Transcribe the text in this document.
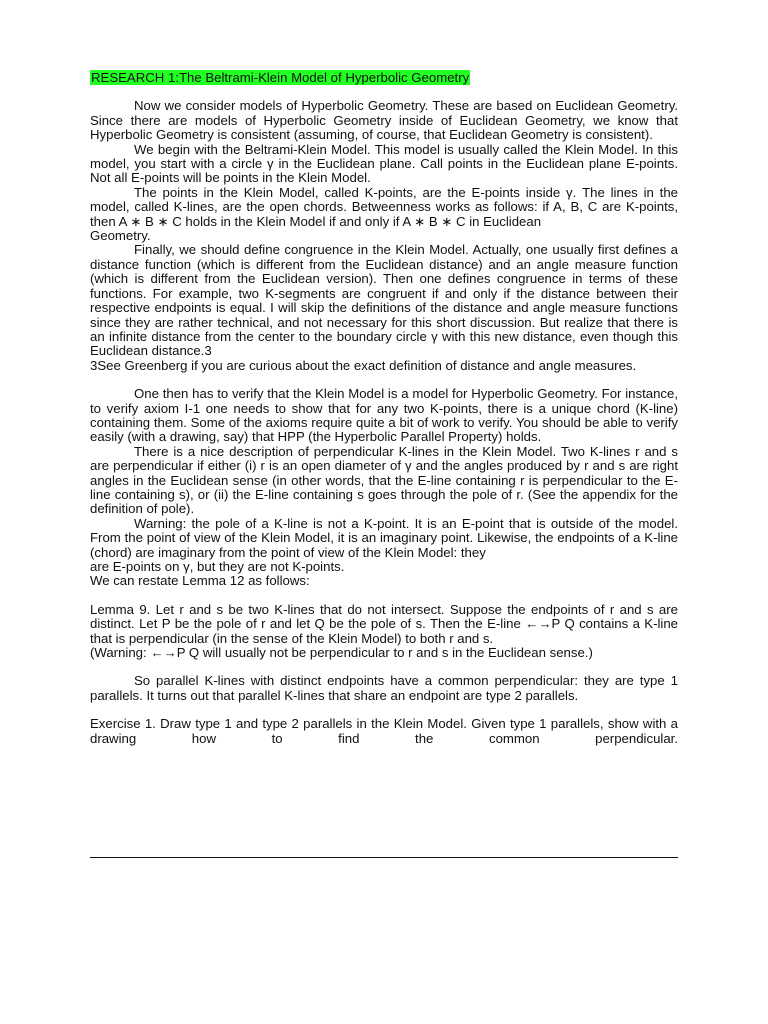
RESEARCH 1:The Beltrami-Klein Model of Hyperbolic Geometry

Now we consider models of Hyperbolic Geometry. These are based on Euclidean Geometry. Since there are models of Hyperbolic Geometry inside of Euclidean Geometry, we know that Hyperbolic Geometry is consistent (assuming, of course, that Euclidean Geometry is consistent).

We begin with the Beltrami-Klein Model. This model is usually called the Klein Model. In this model, you start with a circle γ in the Euclidean plane. Call points in the Euclidean plane E-points. Not all E-points will be points in the Klein Model.

The points in the Klein Model, called K-points, are the E-points inside γ. The lines in the model, called K-lines, are the open chords. Betweenness works as follows: if A, B, C are K-points, then A ∗ B ∗ C holds in the Klein Model if and only if A ∗ B ∗ C in Euclidean

Geometry.

Finally, we should define congruence in the Klein Model. Actually, one usually first defines a distance function (which is different from the Euclidean distance) and an angle measure function (which is different from the Euclidean version). Then one defines congruence in terms of these functions. For example, two K-segments are congruent if and only if the distance between their respective endpoints is equal. I will skip the definitions of the distance and angle measure functions since they are rather technical, and not necessary for this short discussion. But realize that there is an infinite distance from the center to the boundary circle γ with this new distance, even though this Euclidean distance.3

3See Greenberg if you are curious about the exact definition of distance and angle measures.

One then has to verify that the Klein Model is a model for Hyperbolic Geometry. For instance, to verify axiom I-1 one needs to show that for any two K-points, there is a unique chord (K-line) containing them. Some of the axioms require quite a bit of work to verify. You should be able to verify easily (with a drawing, say) that HPP (the Hyperbolic Parallel Property) holds.

There is a nice description of perpendicular K-lines in the Klein Model. Two K-lines r and s are perpendicular if either (i) r is an open diameter of γ and the angles produced by r and s are right angles in the Euclidean sense (in other words, that the E-line containing r is perpendicular to the E-line containing s), or (ii) the E-line containing s goes through the pole of r. (See the appendix for the definition of pole).

Warning: the pole of a K-line is not a K-point. It is an E-point that is outside of the model. From the point of view of the Klein Model, it is an imaginary point. Likewise, the endpoints of a K-line (chord) are imaginary from the point of view of the Klein Model: they

are E-points on γ, but they are not K-points.

We can restate Lemma 12 as follows:

Lemma 9. Let r and s be two K-lines that do not intersect. Suppose the endpoints of r and s are distinct. Let P be the pole of r and let Q be the pole of s. Then the E-line ←→P Q contains a K-line that is perpendicular (in the sense of the Klein Model) to both r and s.

(Warning: ←→P Q will usually not be perpendicular to r and s in the Euclidean sense.)

So parallel K-lines with distinct endpoints have a common perpendicular: they are type 1 parallels. It turns out that parallel K-lines that share an endpoint are type 2 parallels.

Exercise 1. Draw type 1 and type 2 parallels in the Klein Model. Given type 1 parallels, show with a drawing how to find the common perpendicular.
